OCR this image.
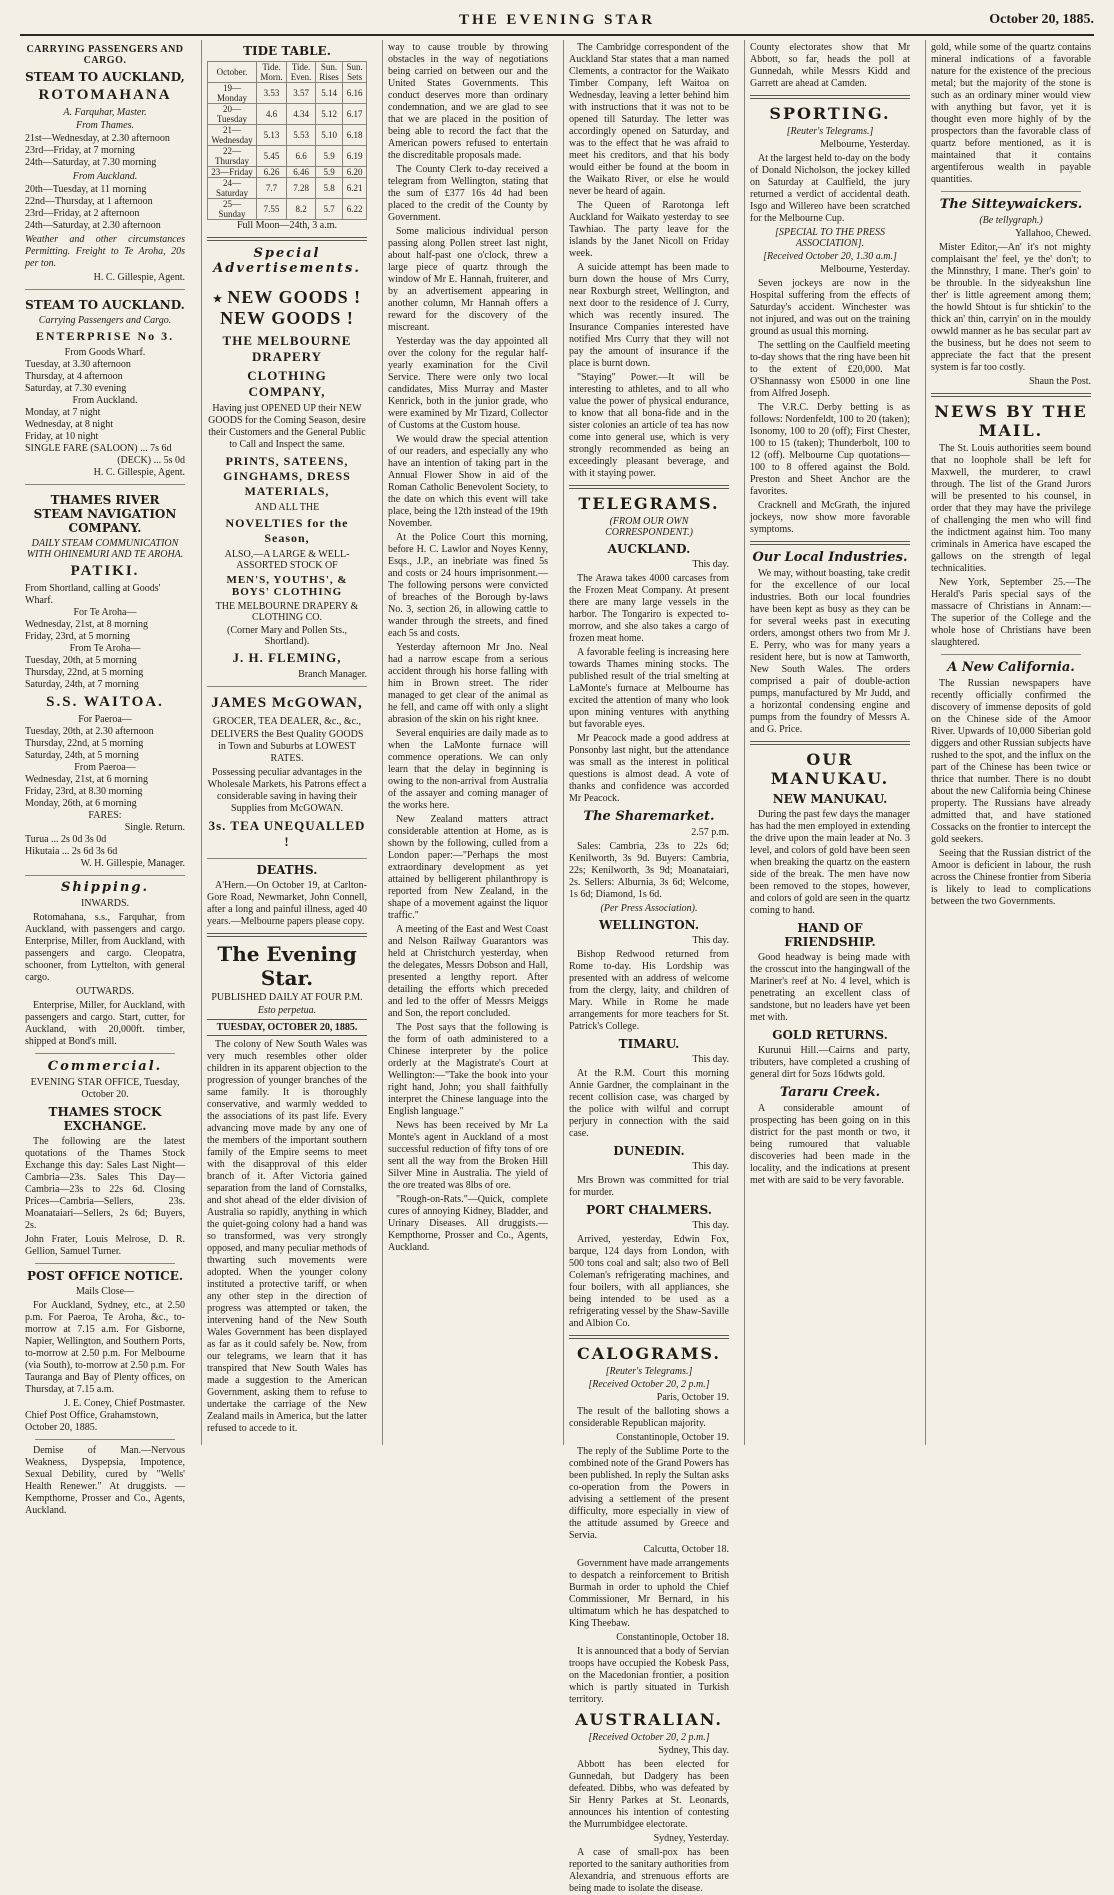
THE EVENING STAR	October 20, 1885.
CARRYING PASSENGERS AND CARGO.
STEAM TO AUCKLAND,
ROTOMAHANA
A. Farquhar, Master.
From Thames.
21st—Wednesday, at 2.30 afternoon
23rd—Friday, at 7 morning
24th—Saturday, at 7.30 morning
From Auckland.
20th—Tuesday, at 11 morning
22nd—Thursday, at 1 afternoon
23rd—Friday, at 2 afternoon
24th—Saturday, at 2.30 afternoon
Weather and other circumstances Permitting. Freight to Te Aroha, 20s per ton.
H. C. Gillespie, Agent.
STEAM TO AUCKLAND.
Carrying Passengers and Cargo.
ENTERPRISE No 3.
From Goods Wharf.
Tuesday, at 3.30 afternoon
Thursday, at 4 afternoon
Saturday, at 7.30 evening
From Auckland.
Monday, at 7 night
Wednesday, at 8 night
Friday, at 10 night
SINGLE FARE (SALOON) ... 7s 6d
(DECK) ... 5s 0d
H. C. Gillespie, Agent.
THAMES RIVER STEAM NAVIGATION COMPANY.
DAILY STEAM COMMUNICATION WITH OHINEMURI AND TE AROHA.
PATIKI.
From Shortland, calling at Goods' Wharf.
For Te Aroha—
Wednesday, 21st, at 8 morning
Friday, 23rd, at 5 morning
From Te Aroha—
Tuesday, 20th, at 5 morning
Thursday, 22nd, at 5 morning
Saturday, 24th, at 7 morning
S.S. WAITOA.
For Paeroa—
Tuesday, 20th, at 2.30 afternoon
Thursday, 22nd, at 5 morning
Saturday, 24th, at 5 morning
From Paeroa—
Wednesday, 21st, at 6 morning
Friday, 23rd, at 8.30 morning
Monday, 26th, at 6 morning
FARES:
Single. Return.
Turua ... 2s 0d 3s 0d
Hikutaia ... 2s 6d 3s 6d
W. H. Gillespie, Manager.
Shipping.
INWARDS.
Rotomahana, s.s., Farquhar, from Auckland, with passengers and cargo. Enterprise, Miller, from Auckland, with passengers and cargo. Cleopatra, schooner, from Lyttelton, with general cargo.
OUTWARDS.
Enterprise, Miller, for Auckland, with passengers and cargo. Start, cutter, for Auckland, with 20,000ft. timber, shipped at Bond's mill.
Commercial.
EVENING STAR OFFICE, Tuesday, October 20.
THAMES STOCK EXCHANGE.
The following are the latest quotations of the Thames Stock Exchange this day: Sales Last Night—Cambria—23s. Sales This Day—Cambria—23s to 22s 6d. Closing Prices—Cambria—Sellers, 23s. Moanataiari—Sellers, 2s 6d; Buyers, 2s.
John Frater, Louis Melrose, D. R. Gellion, Samuel Turner.
POST OFFICE NOTICE.
Mails Close—
For Auckland, Sydney, etc., at 2.50 p.m. For Paeroa, Te Aroha, &c., to-morrow at 7.15 a.m. For Gisborne, Napier, Wellington, and Southern Ports, to-morrow at 2.50 p.m. For Melbourne (via South), to-morrow at 2.50 p.m. For Tauranga and Bay of Plenty offices, on Thursday, at 7.15 a.m.
J. E. Coney, Chief Postmaster.
Chief Post Office, Grahamstown, October 20, 1885.
Demise of Man.—Nervous Weakness, Dyspepsia, Impotence, Sexual Debility, cured by "Wells' Health Renewer." At druggists. —Kempthorne, Prosser and Co., Agents, Auckland.
TIDE TABLE.
October.	Tide. Morn.	Tide. Even.	Sun. Rises	Sun. Sets
19—Monday	3.53	3.57	5.14	6.16
20—Tuesday	4.6	4.34	5.12	6.17
21—Wednesday	5.13	5.53	5.10	6.18
22—Thursday	5.45	6.6	5.9	6.19
23—Friday	6.26	6.46	5.9	6.20
24—Saturday	7.7	7.28	5.8	6.21
25—Sunday	7.55	8.2	5.7	6.22
Full Moon—24th, 3 a.m.
Special Advertisements.
NEW GOODS ! NEW GOODS !
THE MELBOURNE DRAPERY
CLOTHING COMPANY,
Having just OPENED UP their NEW GOODS for the Coming Season, desire their Customers and the General Public to Call and Inspect the same.
PRINTS, SATEENS, GINGHAMS, DRESS MATERIALS,
AND ALL THE
NOVELTIES for the Season,
ALSO,—A LARGE & WELL-ASSORTED STOCK OF
MEN'S, YOUTHS', & BOYS' CLOTHING
THE MELBOURNE DRAPERY & CLOTHING CO.
(Corner Mary and Pollen Sts., Shortland).
J. H. FLEMING,
Branch Manager.
JAMES McGOWAN,
GROCER, TEA DEALER, &c., &c.,
DELIVERS the Best Quality GOODS in Town and Suburbs at LOWEST RATES.
Possessing peculiar advantages in the Wholesale Markets, his Patrons effect a considerable saving in having their Supplies from McGOWAN.
3s. TEA UNEQUALLED !
DEATHS.
A'Hern.—On October 19, at Carlton-Gore Road, Newmarket, John Connell, after a long and painful illness, aged 40 years.—Melbourne papers please copy.
The Evening Star.
PUBLISHED DAILY AT FOUR P.M.
Esto perpetua.
TUESDAY, OCTOBER 20, 1885.
The colony of New South Wales was very much resembles other older children in its apparent objection to the progression of younger branches of the same family. It is thoroughly conservative, and warmly wedded to the associations of its past life. Every advancing move made by any one of the members of the important southern family of the Empire seems to meet with the disapproval of this elder branch of it. After Victoria gained separation from the land of Cornstalks, and shot ahead of the elder division of Australia so rapidly, anything in which the quiet-going colony had a hand was so transformed, was very strongly opposed, and many peculiar methods of thwarting such movements were adopted. When the younger colony instituted a protective tariff, or when any other step in the direction of progress was attempted or taken, the intervening hand of the New South Wales Government has been displayed as far as it could safely be. Now, from our telegrams, we learn that it has transpired that New South Wales has made a suggestion to the American Government, asking them to refuse to undertake the carriage of the New Zealand mails in America, but the latter refused to accede to it.
way to cause trouble by throwing obstacles in the way of negotiations being carried on between our and the United States Governments. This conduct deserves more than ordinary condemnation, and we are glad to see that we are placed in the position of being able to record the fact that the American powers refused to entertain the discreditable proposals made.
The County Clerk to-day received a telegram from Wellington, stating that the sum of £377 16s 4d had been placed to the credit of the County by Government.
Some malicious individual person passing along Pollen street last night, about half-past one o'clock, threw a large piece of quartz through the window of Mr E. Hannah, fruiterer, and by an advertisement appearing in another column, Mr Hannah offers a reward for the discovery of the miscreant.
Yesterday was the day appointed all over the colony for the regular half-yearly examination for the Civil Service. There were only two local candidates, Miss Murray and Master Kenrick, both in the junior grade, who were examined by Mr Tizard, Collector of Customs at the Custom house.
We would draw the special attention of our readers, and especially any who have an intention of taking part in the Annual Flower Show in aid of the Roman Catholic Benevolent Society, to the date on which this event will take place, being the 12th instead of the 19th November.
At the Police Court this morning, before H. C. Lawlor and Noyes Kenny, Esqs., J.P., an inebriate was fined 5s and costs or 24 hours imprisonment.—The following persons were convicted of breaches of the Borough by-laws No. 3, section 26, in allowing cattle to wander through the streets, and fined each 5s and costs.
Yesterday afternoon Mr Jno. Neal had a narrow escape from a serious accident through his horse falling with him in Brown street. The rider managed to get clear of the animal as he fell, and came off with only a slight abrasion of the skin on his right knee.
Several enquiries are daily made as to when the LaMonte furnace will commence operations. We can only learn that the delay in beginning is owing to the non-arrival from Australia of the assayer and coming manager of the works here.
New Zealand matters attract considerable attention at Home, as is shown by the following, culled from a London paper:—"Perhaps the most extraordinary development as yet attained by belligerent philanthropy is reported from New Zealand, in the shape of a movement against the liquor traffic."
A meeting of the East and West Coast and Nelson Railway Guarantors was held at Christchurch yesterday, when the delegates, Messrs Dobson and Hall, presented a lengthy report. After detailing the efforts which preceded and led to the offer of Messrs Meiggs and Son, the report concluded.
The Post says that the following is the form of oath administered to a Chinese interpreter by the police orderly at the Magistrate's Court at Wellington:—"Take the book into your right hand, John; you shall faithfully interpret the Chinese language into the English language."
News has been received by Mr La Monte's agent in Auckland of a most successful reduction of fifty tons of ore sent all the way from the Broken Hill Silver Mine in Australia. The yield of the ore treated was 8lbs of ore.
"Rough-on-Rats."—Quick, complete cures of annoying Kidney, Bladder, and Urinary Diseases. All druggists.—Kempthorne, Prosser and Co., Agents, Auckland.
The Cambridge correspondent of the Auckland Star states that a man named Clements, a contractor for the Waikato Timber Company, left Waitoa on Wednesday, leaving a letter behind him with instructions that it was not to be opened till Saturday. The letter was accordingly opened on Saturday, and was to the effect that he was afraid to meet his creditors, and that his body would either be found at the boom in the Waikato River, or else he would never be heard of again.
The Queen of Rarotonga left Auckland for Waikato yesterday to see Tawhiao. The party leave for the islands by the Janet Nicoll on Friday week.
A suicide attempt has been made to burn down the house of Mrs Curry, near Roxburgh street, Wellington, and next door to the residence of J. Curry, which was recently insured. The Insurance Companies interested have notified Mrs Curry that they will not pay the amount of insurance if the place is burnt down.
"Staying" Power.—It will be interesting to athletes, and to all who value the power of physical endurance, to know that all bona-fide and in the sister colonies an article of tea has now come into general use, which is very strongly recommended as being an exceedingly pleasant beverage, and with it staying power.
TELEGRAMS.
(FROM OUR OWN CORRESPONDENT.)
AUCKLAND.
This day.
The Arawa takes 4000 carcases from the Frozen Meat Company. At present there are many large vessels in the harbor. The Tongariro is expected to-morrow, and she also takes a cargo of frozen meat home.
A favorable feeling is increasing here towards Thames mining stocks. The published result of the trial smelting at LaMonte's furnace at Melbourne has excited the attention of many who look upon mining ventures with anything but favorable eyes.
Mr Peacock made a good address at Ponsonby last night, but the attendance was small as the interest in political questions is almost dead. A vote of thanks and confidence was accorded Mr Peacock.
The Sharemarket.
2.57 p.m.
Sales: Cambria, 23s to 22s 6d; Kenilworth, 3s 9d. Buyers: Cambria, 22s; Kenilworth, 3s 9d; Moanataiari, 2s. Sellers: Alburnia, 3s 6d; Welcome, 1s 6d; Diamond, 1s 6d.
(Per Press Association).
WELLINGTON.
This day.
Bishop Redwood returned from Rome to-day. His Lordship was presented with an address of welcome from the clergy, laity, and children of Mary. While in Rome he made arrangements for more teachers for St. Patrick's College.
TIMARU.
This day.
At the R.M. Court this morning Annie Gardner, the complainant in the recent collision case, was charged by the police with wilful and corrupt perjury in connection with the said case.
DUNEDIN.
This day.
Mrs Brown was committed for trial for murder.
PORT CHALMERS.
This day.
Arrived, yesterday, Edwin Fox, barque, 124 days from London, with 500 tons coal and salt; also two of Bell Coleman's refrigerating machines, and four boilers, with all appliances, she being intended to be used as a refrigerating vessel by the Shaw-Saville and Albion Co.
CALOGRAMS.
[Reuter's Telegrams.]
[Received October 20, 2 p.m.]
Paris, October 19.
The result of the balloting shows a considerable Republican majority.
Constantinople, October 19.
The reply of the Sublime Porte to the combined note of the Grand Powers has been published. In reply the Sultan asks co-operation from the Powers in advising a settlement of the present difficulty, more especially in view of the attitude assumed by Greece and Servia.
Calcutta, October 18.
Government have made arrangements to despatch a reinforcement to British Burmah in order to uphold the Chief Commissioner, Mr Bernard, in his ultimatum which he has despatched to King Theebaw.
Constantinople, October 18.
It is announced that a body of Servian troops have occupied the Kobesk Pass, on the Macedonian frontier, a position which is partly situated in Turkish territory.
AUSTRALIAN.
[Received October 20, 2 p.m.]
Sydney, This day.
Abbott has been elected for Gunnedah, but Dadgery has been defeated. Dibbs, who was defeated by Sir Henry Parkes at St. Leonards, announces his intention of contesting the Murrumbidgee electorate.
Sydney, Yesterday.
A case of small-pox has been reported to the sanitary authorities from Alexandria, and strenuous efforts are being made to isolate the disease.
County electorates show that Mr Abbott, so far, heads the poll at Gunnedah, while Messrs Kidd and Garrett are ahead at Camden.
SPORTING.
[Reuter's Telegrams.]
Melbourne, Yesterday.
At the largest held to-day on the body of Donald Nicholson, the jockey killed on Saturday at Caulfield, the jury returned a verdict of accidental death. Isgo and Willereo have been scratched for the Melbourne Cup.
[SPECIAL TO THE PRESS ASSOCIATION].
[Received October 20, 1.30 a.m.]
Melbourne, Yesterday.
Seven jockeys are now in the Hospital suffering from the effects of Saturday's accident. Winchester was not injured, and was out on the training ground as usual this morning.
The settling on the Caulfield meeting to-day shows that the ring have been hit to the extent of £20,000. Mat O'Shannassy won £5000 in one line from Alfred Joseph.
The V.R.C. Derby betting is as follows: Nordenfeldt, 100 to 20 (taken); Isonomy, 100 to 20 (off); First Chester, 100 to 15 (taken); Thunderbolt, 100 to 12 (off). Melbourne Cup quotations—100 to 8 offered against the Bold. Preston and Sheet Anchor are the favorites.
Cracknell and McGrath, the injured jockeys, now show more favorable symptoms.
Our Local Industries.
We may, without boasting, take credit for the excellence of our local industries. Both our local foundries have been kept as busy as they can be for several weeks past in executing orders, amongst others two from Mr J. E. Perry, who was for many years a resident here, but is now at Tamworth, New South Wales. The orders comprised a pair of double-action pumps, manufactured by Mr Judd, and a horizontal condensing engine and pumps from the foundry of Messrs A. and G. Price.
OUR MANUKAU.
NEW MANUKAU.
During the past few days the manager has had the men employed in extending the drive upon the main leader at No. 3 level, and colors of gold have been seen when breaking the quartz on the eastern side of the break. The men have now been removed to the stopes, however, and colors of gold are seen in the quartz coming to hand.
HAND OF FRIENDSHIP.
Good headway is being made with the crosscut into the hangingwall of the Mariner's reef at No. 4 level, which is penetrating an excellent class of sandstone, but no leaders have yet been met with.
GOLD RETURNS.
Kurunui Hill.—Cairns and party, tributers, have completed a crushing of general dirt for 5ozs 16dwts gold.
Tararu Creek.
A considerable amount of prospecting has been going on in this district for the past month or two, it being rumoured that valuable discoveries had been made in the locality, and the indications at present met with are said to be very favorable.
gold, while some of the quartz contains mineral indications of a favorable nature for the existence of the precious metal; but the majority of the stone is such as an ordinary miner would view with anything but favor, yet it is thought even more highly of by the prospectors than the favorable class of quartz before mentioned, as it is maintained that it contains argentiferous wealth in payable quantities.
The Sitteywaickers.
(Be tellygraph.)
Yallahoo, Chewed.
Mister Editor,—An' it's not mighty complaisant the' feel, ye the' don't; to the Minnsthry, I mane. Ther's goin' to be throuble. In the sidyeakshun line ther' is little agreement among them; the howld Shtout is fur shtickin' to the thick an' thin, carryin' on in the mouldy owwld manner as he bas secular part av the business, but he does not seem to appreciate the fact that the present system is far too costly.
Shaun the Post.
NEWS BY THE MAIL.
The St. Louis authorities seem bound that no loophole shall be left for Maxwell, the murderer, to crawl through. The list of the Grand Jurors will be presented to his counsel, in order that they may have the privilege of challenging the men who will find the indictment against him. Too many criminals in America have escaped the gallows on the strength of legal technicalities.
New York, September 25.—The Herald's Paris special says of the massacre of Christians in Annam:—The superior of the College and the whole hose of Christians have been slaughtered.
A New California.
The Russian newspapers have recently officially confirmed the discovery of immense deposits of gold on the Chinese side of the Amoor River. Upwards of 10,000 Siberian gold diggers and other Russian subjects have rushed to the spot, and the influx on the part of the Chinese has been twice or thrice that number. There is no doubt about the new California being Chinese property. The Russians have already admitted that, and have stationed Cossacks on the frontier to intercept the gold seekers.
Seeing that the Russian district of the Amoor is deficient in labour, the rush across the Chinese frontier from Siberia is likely to lead to complications between the two Governments.
